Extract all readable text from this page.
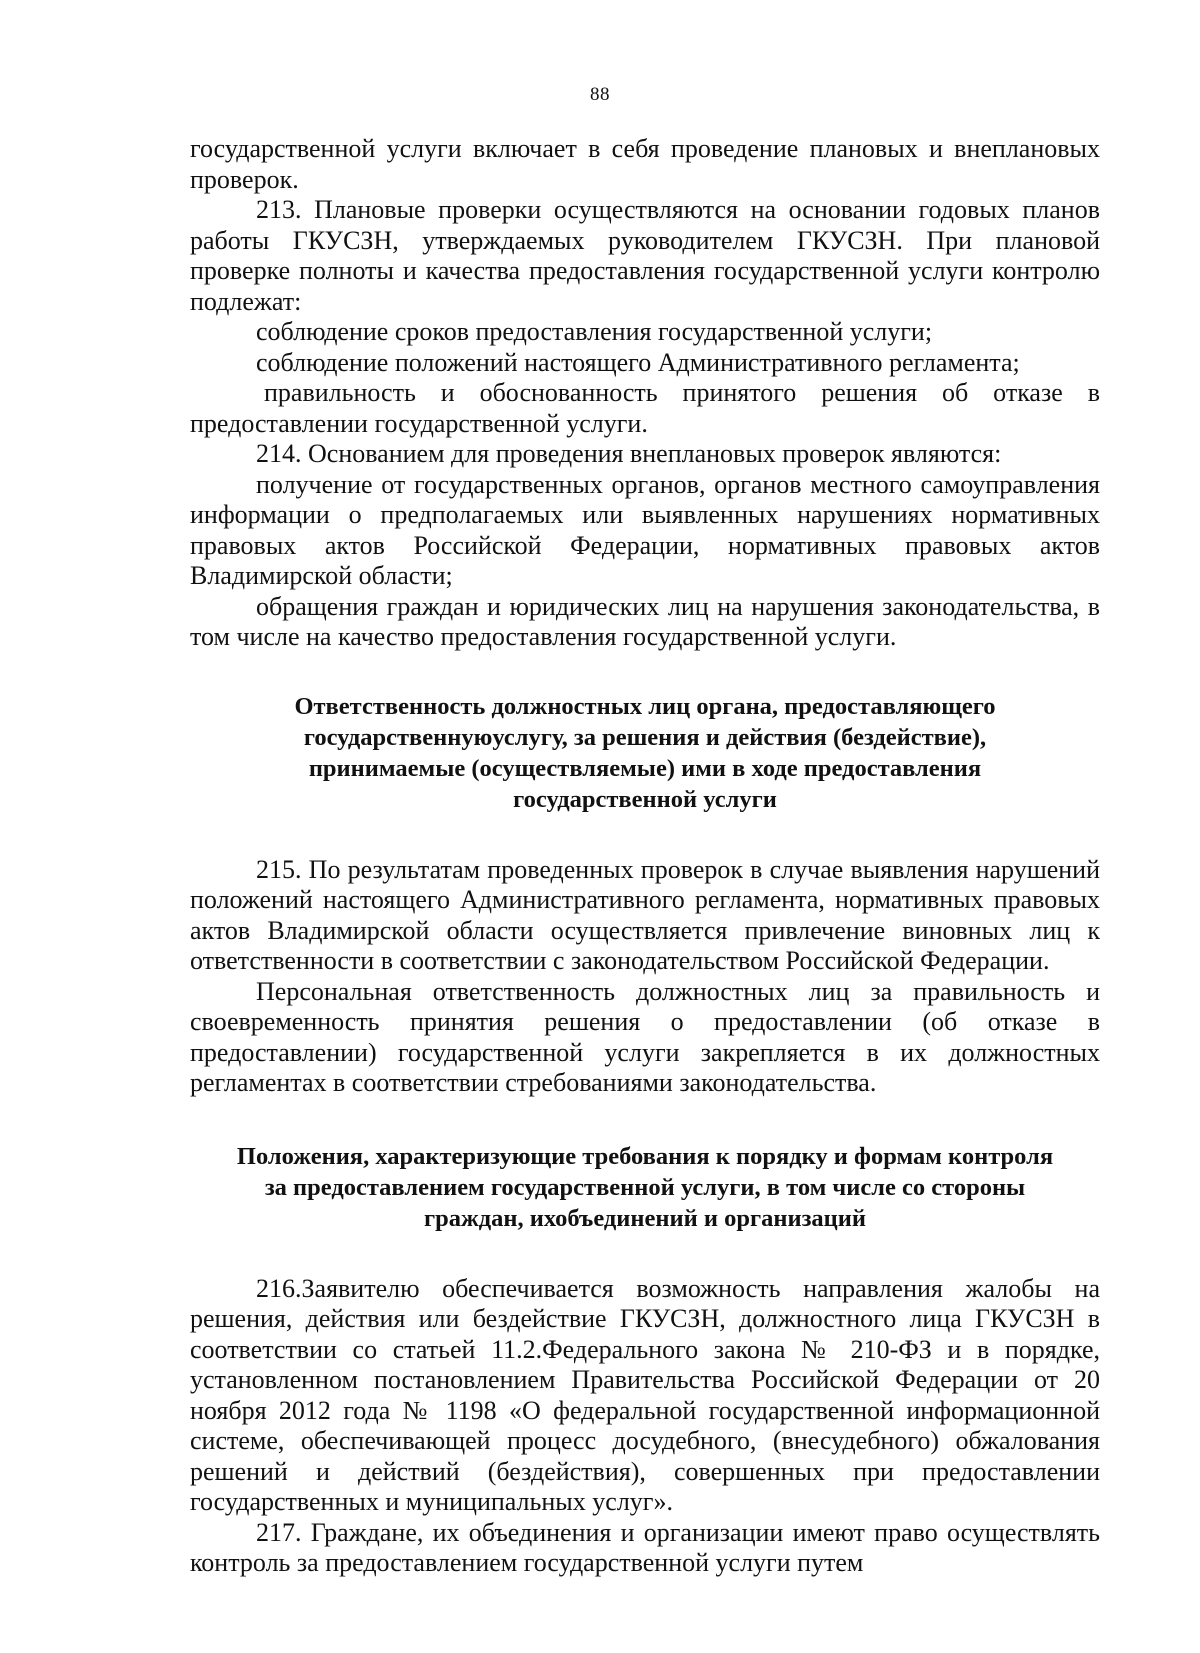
88

государственной услуги включает в себя проведение плановых и внеплановых проверок.

213. Плановые проверки осуществляются на основании годовых планов работы ГКУСЗН, утверждаемых руководителем ГКУСЗН. При плановой проверке полноты и качества предоставления государственной услуги контролю подлежат:

соблюдение сроков предоставления государственной услуги;

соблюдение положений настоящего Административного регламента;

правильность и обоснованность принятого решения об отказе в предоставлении государственной услуги.

214. Основанием для проведения внеплановых проверок являются:

получение от государственных органов, органов местного самоуправления информации о предполагаемых или выявленных нарушениях нормативных правовых актов Российской Федерации, нормативных правовых актов Владимирской области;

обращения граждан и юридических лиц на нарушения законодательства, в том числе на качество предоставления государственной услуги.

Ответственность должностных лиц органа, предоставляющего государственнуюуслугу, за решения и действия (бездействие), принимаемые (осуществляемые) ими в ходе предоставления государственной услуги

215. По результатам проведенных проверок в случае выявления нарушений положений настоящего Административного регламента, нормативных правовых актов Владимирской области осуществляется привлечение виновных лиц к ответственности в соответствии с законодательством Российской Федерации.

Персональная ответственность должностных лиц за правильность и своевременность принятия решения о предоставлении (об отказе в предоставлении) государственной услуги закрепляется в их должностных регламентах в соответствии стребованиями законодательства.

Положения, характеризующие требования к порядку и формам контроля за предоставлением государственной услуги, в том числе со стороны граждан, ихобъединений и организаций

216.Заявителю обеспечивается возможность направления жалобы на решения, действия или бездействие ГКУСЗН, должностного лица ГКУСЗН в соответствии со статьей 11.2.Федерального закона № 210-ФЗ и в порядке, установленном постановлением Правительства Российской Федерации от 20 ноября 2012 года № 1198 «О федеральной государственной информационной системе, обеспечивающей процесс досудебного, (внесудебного) обжалования решений и действий (бездействия), совершенных при предоставлении государственных и муниципальных услуг».

217. Граждане, их объединения и организации имеют право осуществлять контроль за предоставлением государственной услуги путем
